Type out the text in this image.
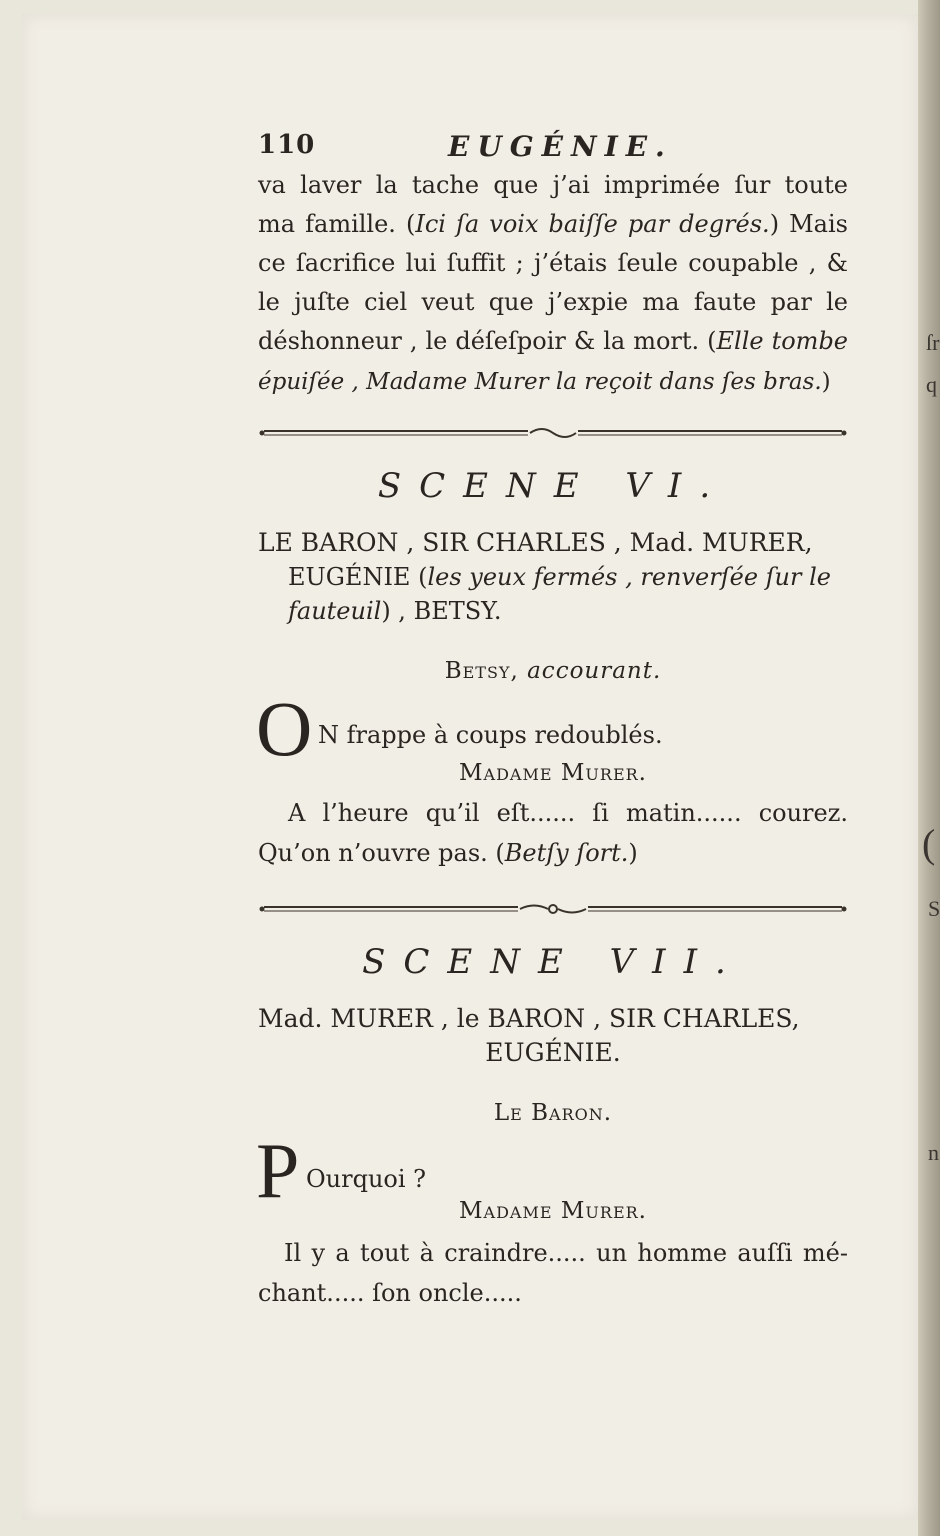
ſr
q
(
S
n
110	EUGÉNIE.
va laver la tache que j’ai imprimée ſur toute
ma famille. (Ici ſa voix baiſſe par degrés.) Mais
ce ſacrifice lui ſuffit ; j’étais ſeule coupable , &
le juſte ciel veut que j’expie ma faute par le
déshonneur , le déſeſpoir & la mort. (Elle tombe
épuiſée , Madame Murer la reçoit dans ſes bras.)
SCENE VI.
LE BARON , SIR CHARLES , Mad. MURER,
EUGÉNIE (les yeux fermés , renverſée ſur le
fauteuil) , BETSY.
Betsy, accourant.
O N frappe à coups redoublés.
Madame Murer.
A l’heure qu’il eſt...... ſi matin...... courez.
Qu’on n’ouvre pas. (Betſy ſort.)
SCENE VII.
Mad. MURER , le BARON , SIR CHARLES,
EUGÉNIE.
Le Baron.
P Ourquoi ?
Madame Murer.
Il y a tout à craindre..... un homme auſſi mé-
chant..... ſon oncle.....
